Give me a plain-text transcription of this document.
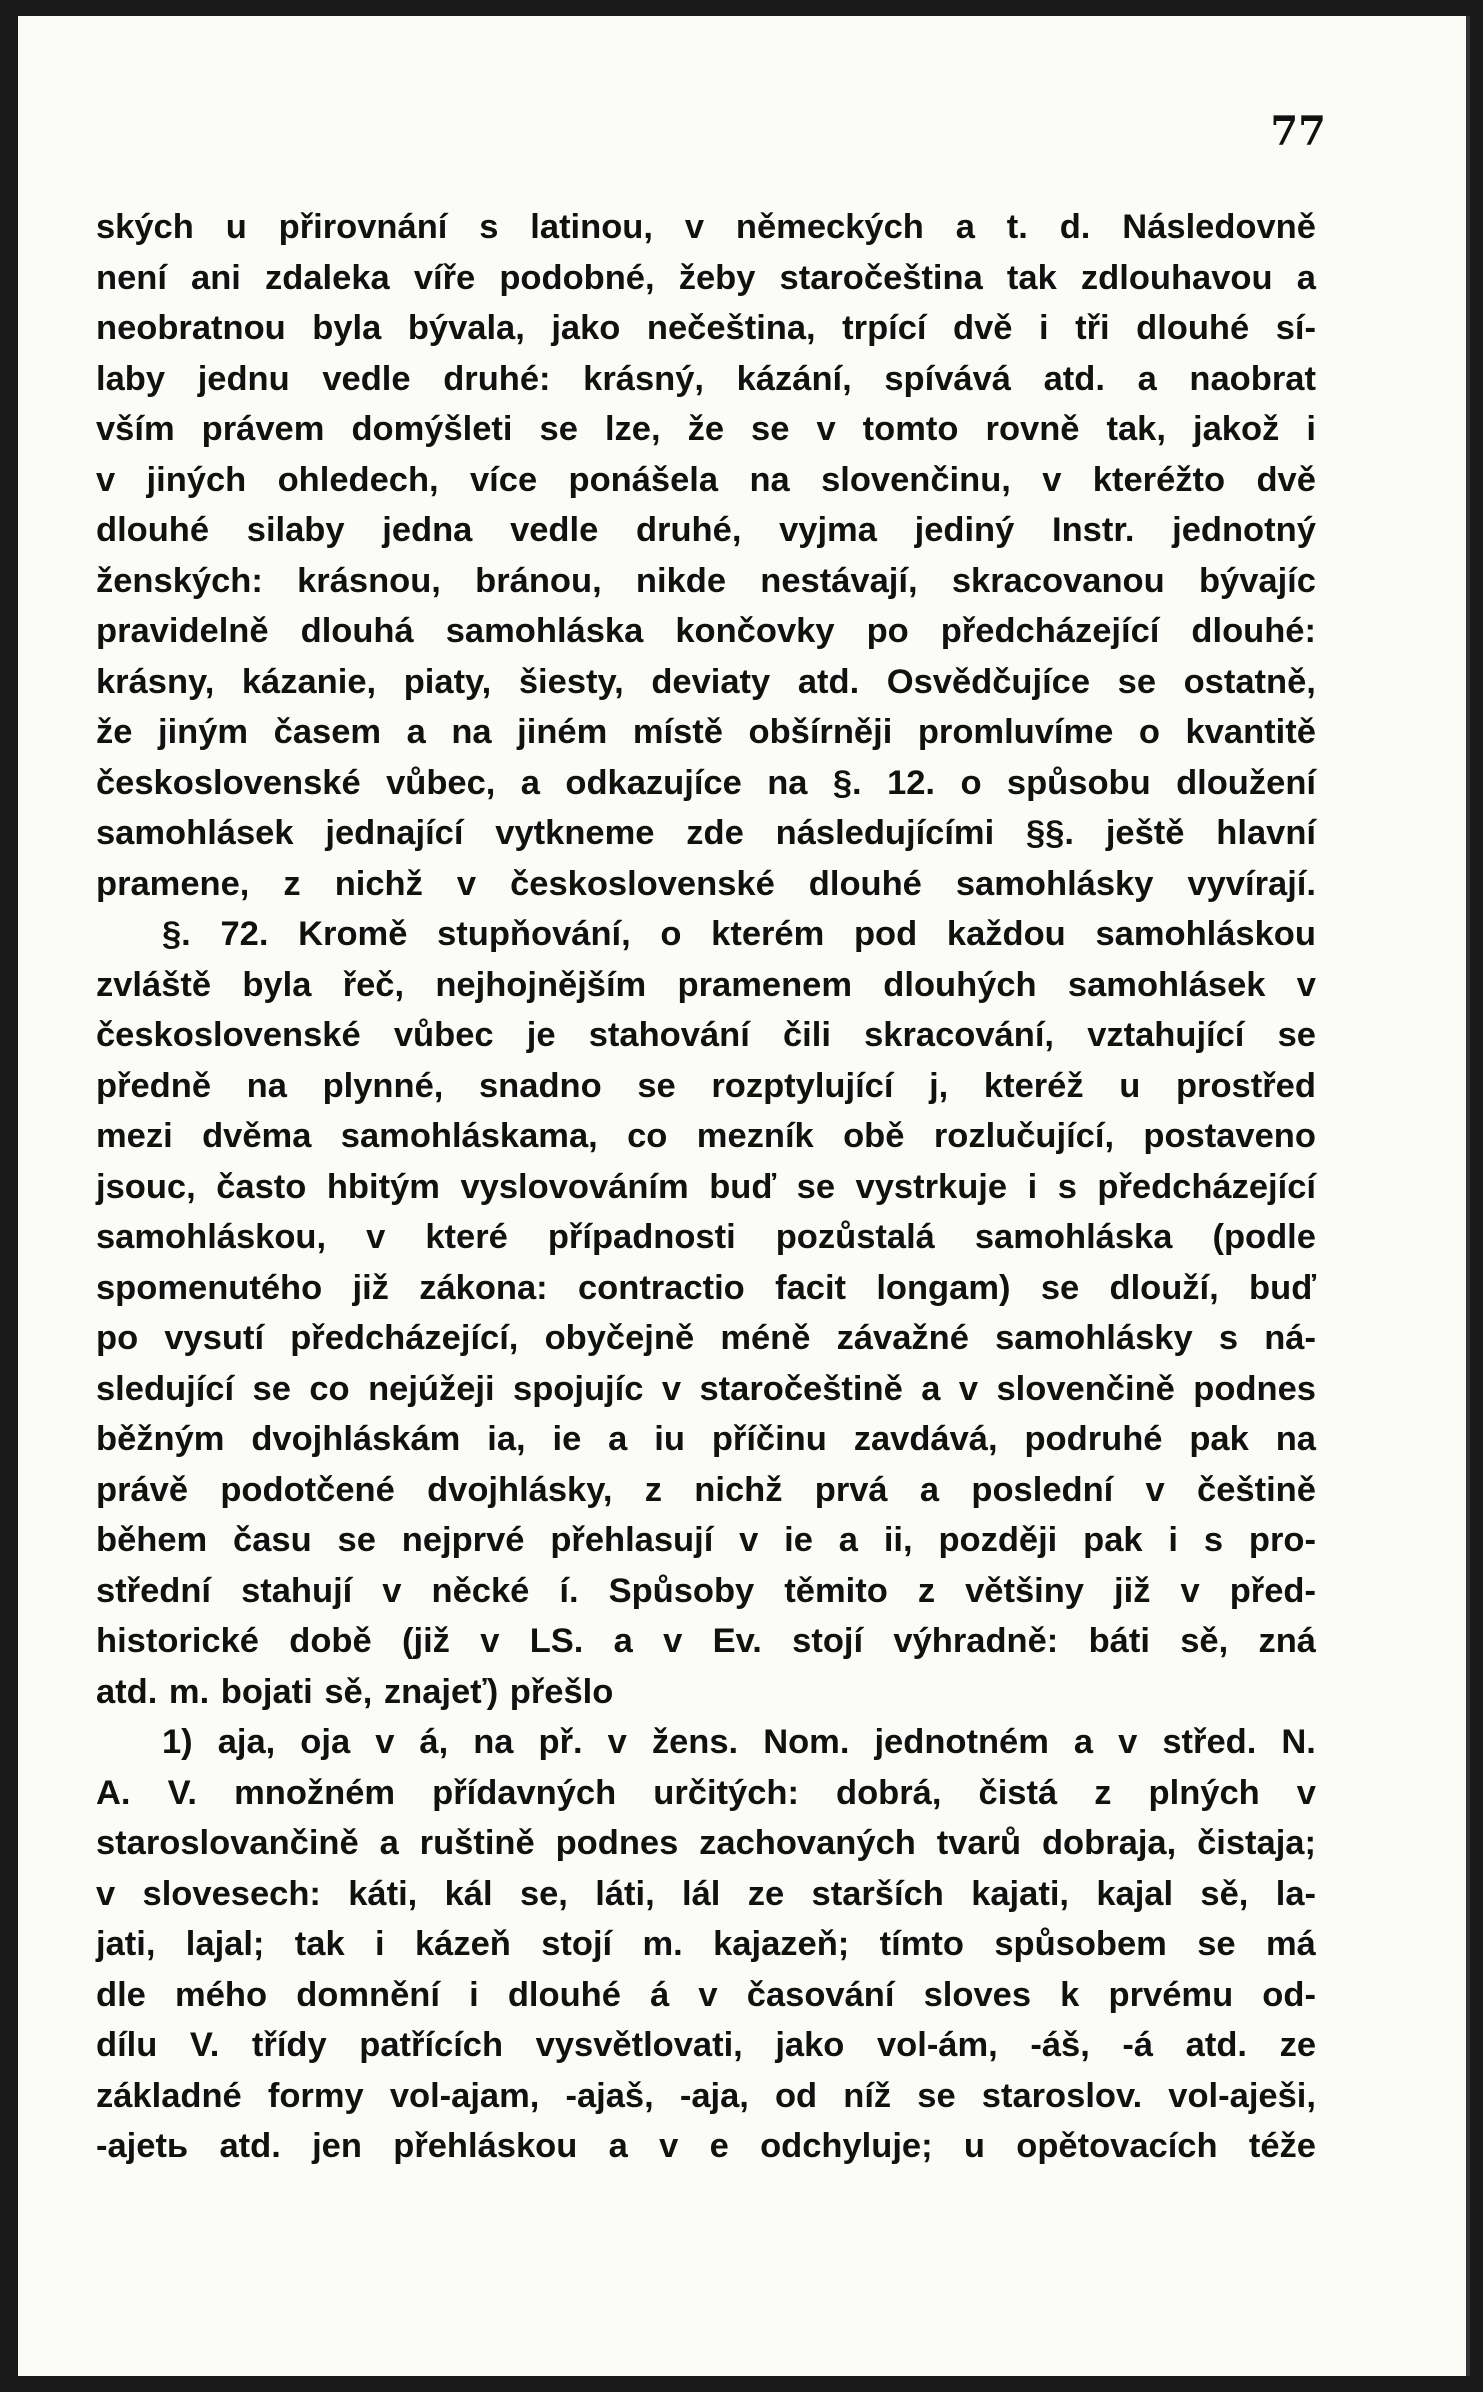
77
ských u přirovnání s latinou, v německých a t. d. Následovně
není ani zdaleka víře podobné, žeby staročeština tak zdlouhavou a
neobratnou byla bývala, jako nečeština, trpící dvě i tři dlouhé sí-
laby jednu vedle druhé: krásný, kázání, spívává atd. a naobrat
vším právem domýšleti se lze, že se v tomto rovně tak, jakož i
v jiných ohledech, více ponášela na slovenčinu, v kteréžto dvě
dlouhé silaby jedna vedle druhé, vyjma jediný Instr. jednotný
ženských: krásnou, bránou, nikde nestávají, skracovanou bývajíc
pravidelně dlouhá samohláska končovky po předcházející dlouhé:
krásny, kázanie, piaty, šiesty, deviaty atd. Osvědčujíce se ostatně,
že jiným časem a na jiném místě obšírněji promluvíme o kvantitě
československé vůbec, a odkazujíce na §. 12. o spůsobu dloužení
samohlásek jednající vytkneme zde následujícími §§. ještě hlavní
pramene, z nichž v československé dlouhé samohlásky vyvírají.
§. 72. Kromě stupňování, o kterém pod každou samohláskou
zvláště byla řeč, nejhojnějším pramenem dlouhých samohlásek v
československé vůbec je stahování čili skracování, vztahující se
předně na plynné, snadno se rozptylující j, kteréž u prostřed
mezi dvěma samohláskama, co mezník obě rozlučující, postaveno
jsouc, často hbitým vyslovováním buď se vystrkuje i s předcházející
samohláskou, v které případnosti pozůstalá samohláska (podle
spomenutého již zákona: contractio facit longam) se dlouží, buď
po vysutí předcházející, obyčejně méně závažné samohlásky s ná-
sledující se co nejúžeji spojujíc v staročeštině a v slovenčině podnes
běžným dvojhláskám ia, ie a iu příčinu zavdává, podruhé pak na
právě podotčené dvojhlásky, z nichž prvá a poslední v češtině
během času se nejprvé přehlasují v ie a ii, později pak i s pro-
střední stahují v něcké í. Spůsoby těmito z většiny již v před-
historické době (již v LS. a v Ev. stojí výhradně: báti sě, zná
atd. m. bojati sě, znajeť) přešlo
1) aja, oja v á, na př. v žens. Nom. jednotném a v střed. N.
A. V. množném přídavných určitých: dobrá, čistá z plných v
staroslovančině a ruštině podnes zachovaných tvarů dobraja, čistaja;
v slovesech: káti, kál se, láti, lál ze starších kajati, kajal sě, la-
jati, lajal; tak i kázeň stojí m. kajazeň; tímto spůsobem se má
dle mého domnění i dlouhé á v časování sloves k prvému od-
dílu V. třídy patřících vysvětlovati, jako vol-ám, -áš, -á atd. ze
základné formy vol-ajam, -ajaš, -aja, od níž se staroslov. vol-aješi,
-ajetь atd. jen přehláskou a v e odchyluje; u opětovacích téže
